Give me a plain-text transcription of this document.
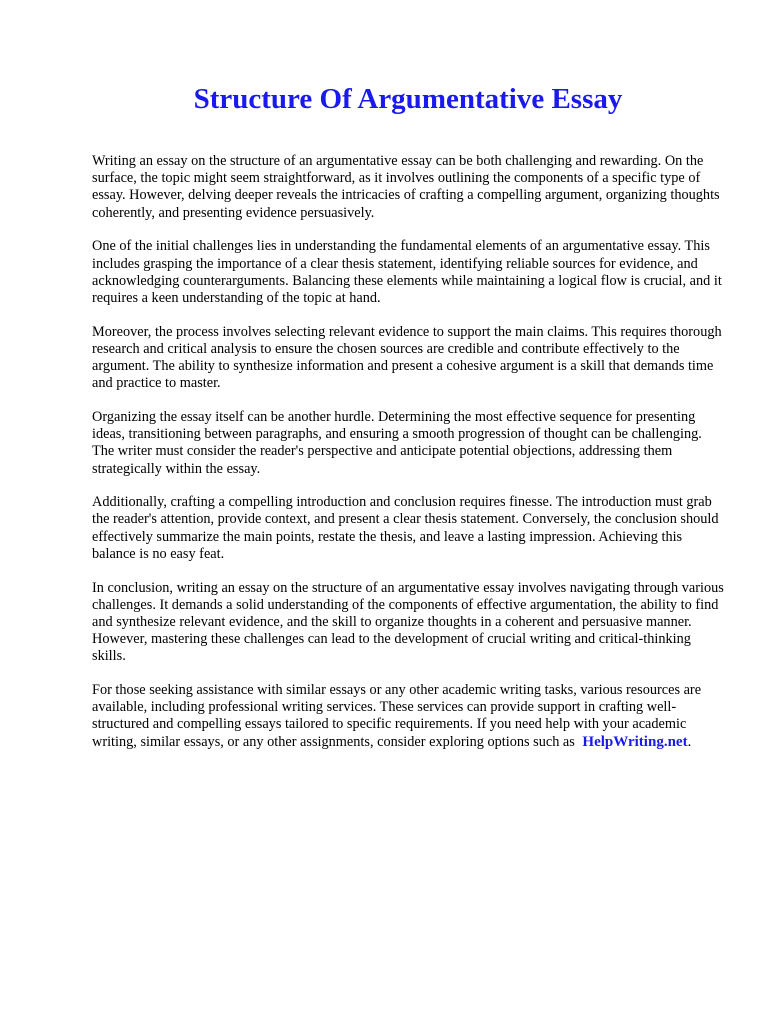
Structure Of Argumentative Essay

Writing an essay on the structure of an argumentative essay can be both challenging and rewarding. On the surface, the topic might seem straightforward, as it involves outlining the components of a specific type of essay. However, delving deeper reveals the intricacies of crafting a compelling argument, organizing thoughts coherently, and presenting evidence persuasively.

One of the initial challenges lies in understanding the fundamental elements of an argumentative essay. This includes grasping the importance of a clear thesis statement, identifying reliable sources for evidence, and acknowledging counterarguments. Balancing these elements while maintaining a logical flow is crucial, and it requires a keen understanding of the topic at hand.

Moreover, the process involves selecting relevant evidence to support the main claims. This requires thorough research and critical analysis to ensure the chosen sources are credible and contribute effectively to the argument. The ability to synthesize information and present a cohesive argument is a skill that demands time and practice to master.

Organizing the essay itself can be another hurdle. Determining the most effective sequence for presenting ideas, transitioning between paragraphs, and ensuring a smooth progression of thought can be challenging. The writer must consider the reader's perspective and anticipate potential objections, addressing them strategically within the essay.

Additionally, crafting a compelling introduction and conclusion requires finesse. The introduction must grab the reader's attention, provide context, and present a clear thesis statement. Conversely, the conclusion should effectively summarize the main points, restate the thesis, and leave a lasting impression. Achieving this balance is no easy feat.

In conclusion, writing an essay on the structure of an argumentative essay involves navigating through various challenges. It demands a solid understanding of the components of effective argumentation, the ability to find and synthesize relevant evidence, and the skill to organize thoughts in a coherent and persuasive manner. However, mastering these challenges can lead to the development of crucial writing and critical-thinking skills.

For those seeking assistance with similar essays or any other academic writing tasks, various resources are available, including professional writing services. These services can provide support in crafting well-structured and compelling essays tailored to specific requirements. If you need help with your academic writing, similar essays, or any other assignments, consider exploring options such as HelpWriting.net.
